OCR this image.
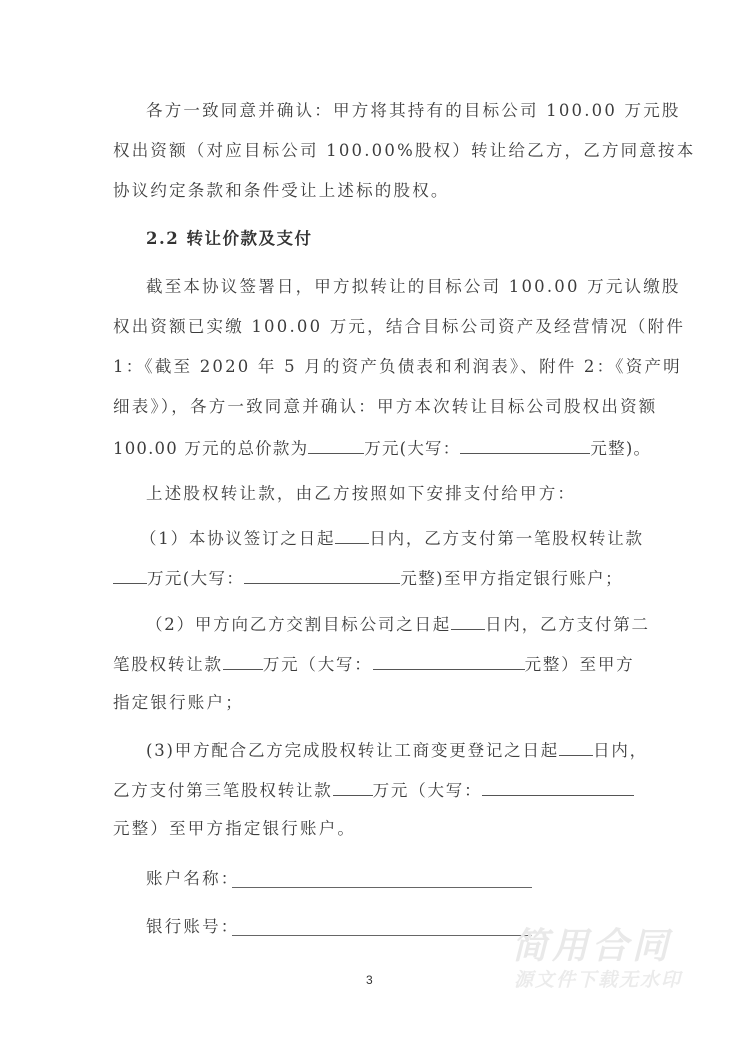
各方一致同意并确认：甲方将其持有的目标公司 100.00 万元股
权出资额（对应目标公司 100.00%股权）转让给乙方，乙方同意按本
协议约定条款和条件受让上述标的股权。
2.2 转让价款及支付
截至本协议签署日，甲方拟转让的目标公司 100.00 万元认缴股
权出资额已实缴 100.00 万元，结合目标公司资产及经营情况（附件
1：《截至 2020 年 5 月的资产负债表和利润表》、附件 2：《资产明
细表》），各方一致同意并确认：甲方本次转让目标公司股权出资额
100.00 万元的总价款为	万元(大写：	元整)。
上述股权转让款，由乙方按照如下安排支付给甲方：
（1）本协议签订之日起 日内，乙方支付第一笔股权转让款
万元(大写：	元整)至甲方指定银行账户；
（2）甲方向乙方交割目标公司之日起 日内，乙方支付第二
笔股权转让款 万元（大写：	元整）至甲方
指定银行账户；
(3)甲方配合乙方完成股权转让工商变更登记之日起 日内，
乙方支付第三笔股权转让款 万元（大写：
元整）至甲方指定银行账户。
账户名称：
银行账号：
3
简用合同
源文件下载无水印
